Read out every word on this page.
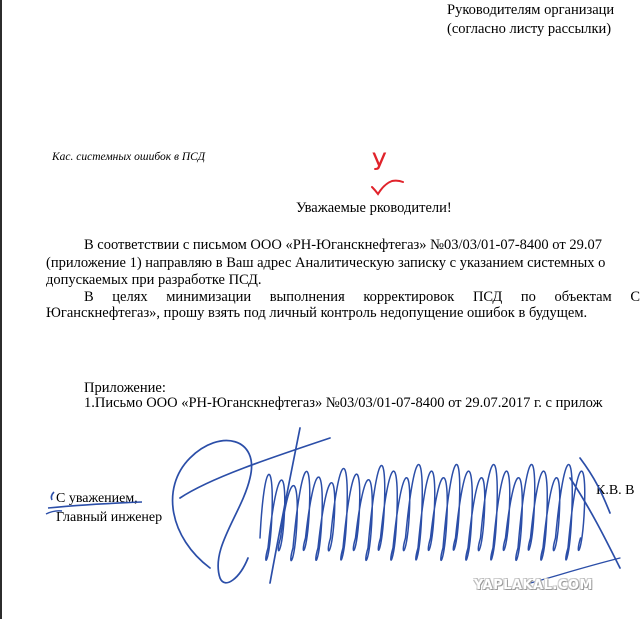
Руководителям организаци
(согласно листу рассылки)
Кас. системных ошибок в ПСД	У
Уважаемые рководители!
В соответствии с письмом ООО «РН-Юганскнефтегаз» №03/03/01-07-8400 от 29.07
(приложение 1) направляю в Ваш адрес Аналитическую записку с указанием системных о
допускаемых при разработке ПСД.
В целях минимизации выполнения корректировок ПСД по объектам С
Юганскнефтегаз», прошу взять под личный контроль недопущение ошибок в будущем.
Приложение:
1.Письмо ООО «РН-Юганскнефтегаз» №03/03/01-07-8400 от 29.07.2017 г. с прилож
С уважением,
Главный инженер
К.В. В
YAPLAKAL.COM
